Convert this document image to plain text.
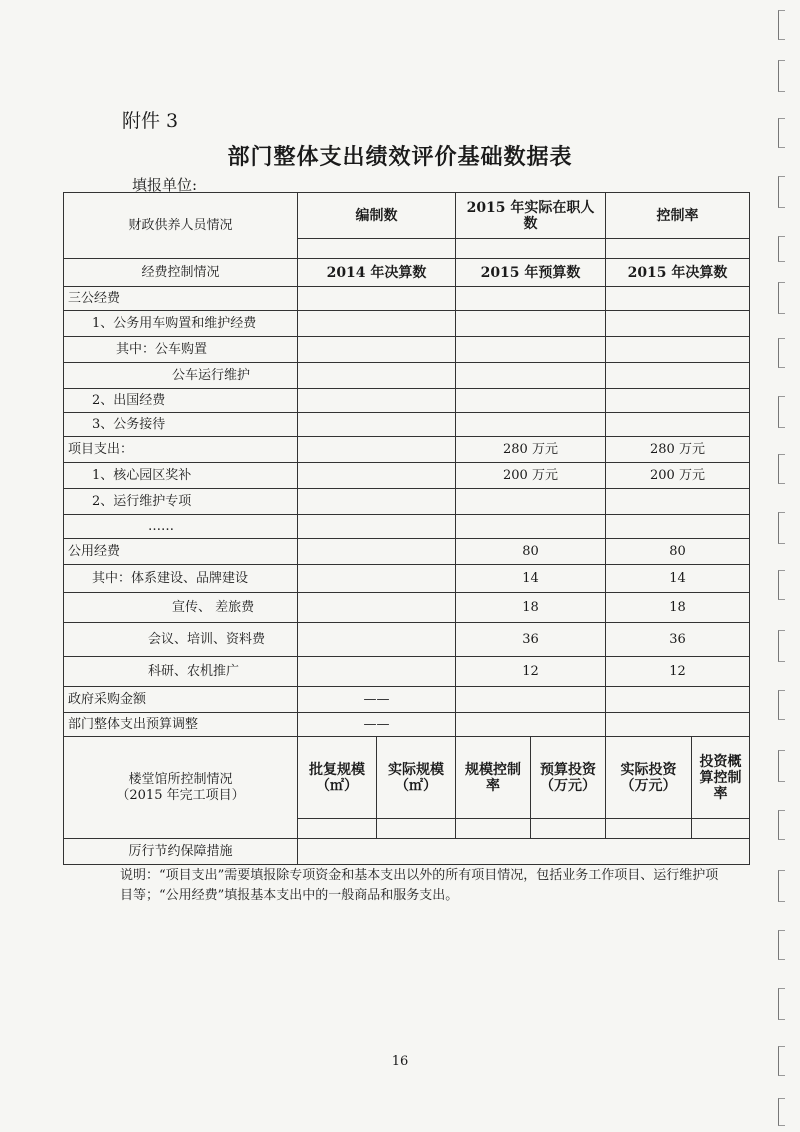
附件 3
部门整体支出绩效评价基础数据表
填报单位:
财政供养人员情况	编制数		2015 年实际在职人数		控制率	

经费控制情况	2014 年决算数		2015 年预算数		2015 年决算数	
三公经费						
1、公务用车购置和维护经费						
其中：公车购置						
公车运行维护						
2、出国经费						
3、公务接待						
项目支出：			280 万元		280 万元	
1、核心园区奖补			200 万元		200 万元	
2、运行维护专项						
……						
公用经费			80		80	
其中：体系建设、品牌建设			14		14	
宣传、 差旅费			18		18	
会议、培训、资料费			36		36	
科研、农机推广			12		12	
政府采购金额	——					
部门整体支出预算调整	——					

楼堂馆所控制情况
（2015 年完工项目）	批复规模（㎡）	实际规模（㎡）	规模控制率	预算投资（万元）	实际投资（万元）	投资概算控制率

厉行节约保障措施						
说明：“项目支出”需要填报除专项资金和基本支出以外的所有项目情况，包括业务工作项目、运行维护项目等；“公用经费”填报基本支出中的一般商品和服务支出。
16
